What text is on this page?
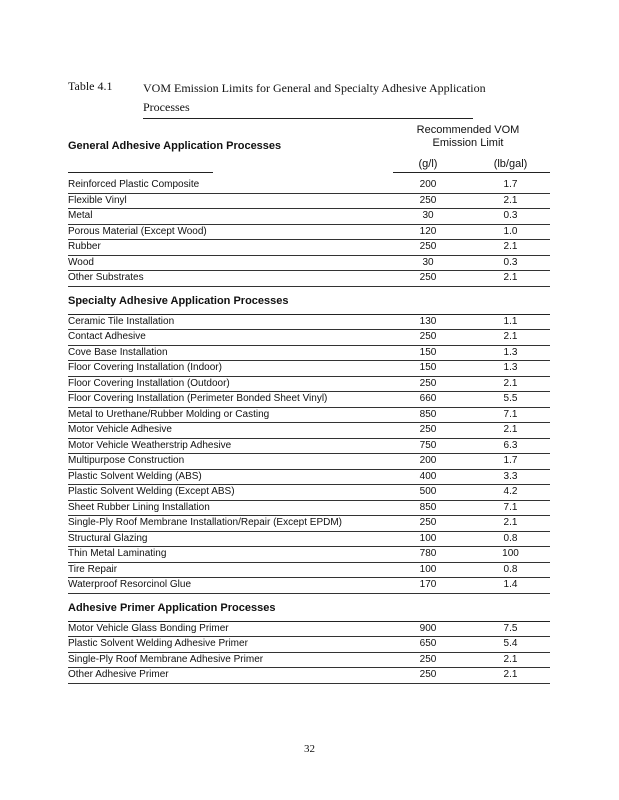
Table 4.1	VOM Emission Limits for General and Specialty Adhesive Application Processes
General Adhesive Application Processes
Recommended VOM
Emission Limit
(g/l)	(lb/gal)
Reinforced Plastic Composite	200	1.7
Flexible Vinyl	250	2.1
Metal	30	0.3
Porous Material (Except Wood)	120	1.0
Rubber	250	2.1
Wood	30	0.3
Other Substrates	250	2.1
Specialty Adhesive Application Processes
Ceramic Tile Installation	130	1.1
Contact Adhesive	250	2.1
Cove Base Installation	150	1.3
Floor Covering Installation (Indoor)	150	1.3
Floor Covering Installation (Outdoor)	250	2.1
Floor Covering Installation (Perimeter Bonded Sheet Vinyl)	660	5.5
Metal to Urethane/Rubber Molding or Casting	850	7.1
Motor Vehicle Adhesive	250	2.1
Motor Vehicle Weatherstrip Adhesive	750	6.3
Multipurpose Construction	200	1.7
Plastic Solvent Welding (ABS)	400	3.3
Plastic Solvent Welding (Except ABS)	500	4.2
Sheet Rubber Lining Installation	850	7.1
Single-Ply Roof Membrane Installation/Repair (Except EPDM)	250	2.1
Structural Glazing	100	0.8
Thin Metal Laminating	780	100
Tire Repair	100	0.8
Waterproof Resorcinol Glue	170	1.4
Adhesive Primer Application Processes
Motor Vehicle Glass Bonding Primer	900	7.5
Plastic Solvent Welding Adhesive Primer	650	5.4
Single-Ply Roof Membrane Adhesive Primer	250	2.1
Other Adhesive Primer	250	2.1
32
